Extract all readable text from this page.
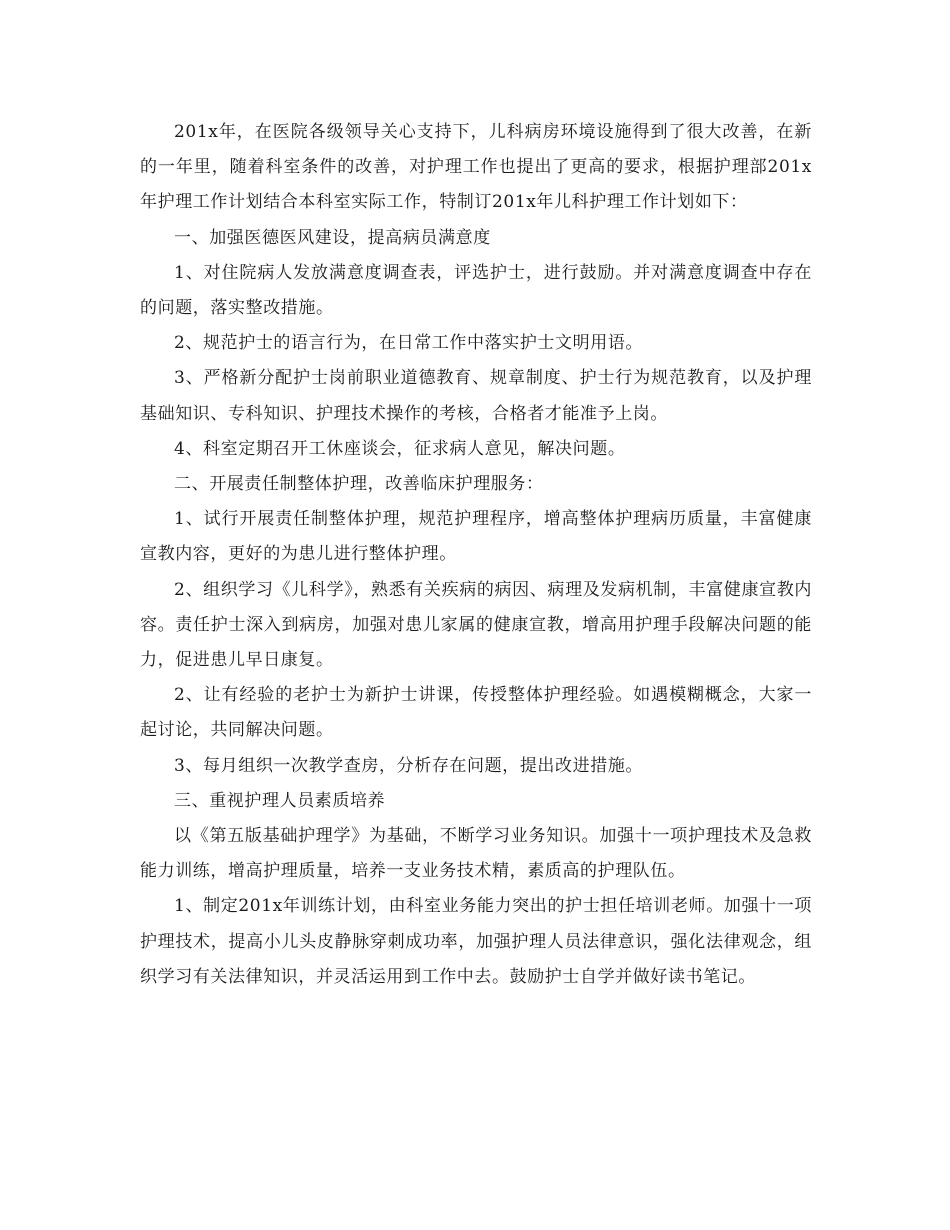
201x年，在医院各级领导关心支持下，儿科病房环境设施得到了很大改善，在新的一年里，随着科室条件的改善，对护理工作也提出了更高的要求，根据护理部201x年护理工作计划结合本科室实际工作，特制订201x年儿科护理工作计划如下：

一、加强医德医风建设，提高病员满意度

1、对住院病人发放满意度调查表，评选护士，进行鼓励。并对满意度调查中存在的问题，落实整改措施。

2、规范护士的语言行为，在日常工作中落实护士文明用语。

3、严格新分配护士岗前职业道德教育、规章制度、护士行为规范教育，以及护理基础知识、专科知识、护理技术操作的考核，合格者才能准予上岗。

4、科室定期召开工休座谈会，征求病人意见，解决问题。

二、开展责任制整体护理，改善临床护理服务：

1、试行开展责任制整体护理，规范护理程序，增高整体护理病历质量，丰富健康宣教内容，更好的为患儿进行整体护理。

2、组织学习《儿科学》，熟悉有关疾病的病因、病理及发病机制，丰富健康宣教内容。责任护士深入到病房，加强对患儿家属的健康宣教，增高用护理手段解决问题的能力，促进患儿早日康复。

2、让有经验的老护士为新护士讲课，传授整体护理经验。如遇模糊概念，大家一起讨论，共同解决问题。

3、每月组织一次教学查房，分析存在问题，提出改进措施。

三、重视护理人员素质培养

以《第五版基础护理学》为基础，不断学习业务知识。加强十一项护理技术及急救能力训练，增高护理质量，培养一支业务技术精，素质高的护理队伍。

1、制定201x年训练计划，由科室业务能力突出的护士担任培训老师。加强十一项护理技术，提高小儿头皮静脉穿刺成功率，加强护理人员法律意识，强化法律观念，组织学习有关法律知识，并灵活运用到工作中去。鼓励护士自学并做好读书笔记。
